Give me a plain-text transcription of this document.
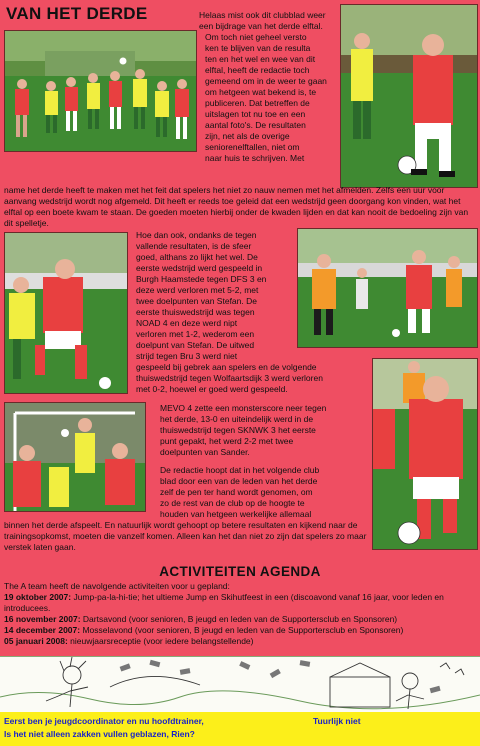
VAN HET DERDE	Helaas mist ook dit clubblad weer een bijdrage van het derde elftal.

Om toch niet geheel versto

ken te blijven van de resulta

ten en het wel en wee van dit

elftal, heeft de redactie toch

gemeend om in de weer te gaan

om hetgeen wat bekend is, te

publiceren. Dat betreffen de

uitslagen tot nu toe en een

aantal foto's. De resultaten

zijn, net als de overige

seniorenelftallen, niet om

naar huis te schrijven. Met

name het derde heeft te maken met het feit dat spelers het niet zo nauw nemen met het afmelden. Zelfs een uur voor aanvang wedstrijd wordt nog afgemeld. Dit heeft er reeds toe geleid dat een wedstrijd geen doorgang kon vinden, wat het elftal op een boete kwam te staan. De goeden moeten hierbij onder de kwaden lijden en dat kan nooit de bedoeling zijn van dit spelletje.

Hoe dan ook, ondanks de tegen

vallende resultaten, is de sfeer

goed, althans zo lijkt het wel. De

eerste wedstrijd werd gespeeld in

Burgh Haamstede tegen DFS 3 en

deze werd verloren met 5-2, met

twee doelpunten van Stefan. De

eerste thuiswedstrijd was tegen

NOAD 4 en deze werd nipt

verloren met 1-2, wederom een

doelpunt van Stefan. De uitwed

strijd tegen Bru 3 werd niet

gespeeld bij gebrek aan spelers en de volgende

thuiswedstrijd tegen Wolfaartsdijk 3 werd verloren

met 0-2, hoewel er goed werd gespeeld.

MEVO 4 zette een monsterscore neer tegen

het derde, 13-0 en uiteindelijk werd in de

thuiswedstrijd tegen SKNWK 3 het eerste

punt gepakt, het werd 2-2 met twee

doelpunten van Sander.

De redactie hoopt dat in het volgende club

blad door een van de leden van het derde

zelf de pen ter hand wordt genomen, om

zo de rest van de club op de hoogte te

houden van hetgeen werkelijke allemaal

binnen het derde afspeelt. En natuurlijk wordt gehoopt op betere resultaten en kijkend naar de trainingsopkomst, moeten die vanzelf komen. Alleen kan het dan niet zo zijn dat spelers zo maar verstek laten gaan.

ACTIVITEITEN AGENDA
The A team heeft de navolgende activiteiten voor u gepland:
19 oktober 2007: Jump-pa-la-hi-tie; het ultieme Jump en Skihutfeest in een (discoavond vanaf 16 jaar, voor leden en introducees.
16 november 2007: Dartsavond (voor senioren, B jeugd en leden van de Supportersclub en Sponsoren)
14 december 2007: Mosselavond (voor senioren, B jeugd en leden van de Supportersclub en Sponsoren)
05 januari 2008: nieuwjaarsreceptie (voor iedere belangstellende)

Eerst ben je jeugdcoordinator en nu hoofdtrainer,

Is het niet alleen zakken vullen geblazen, Rien?

Tuurlijk niet
